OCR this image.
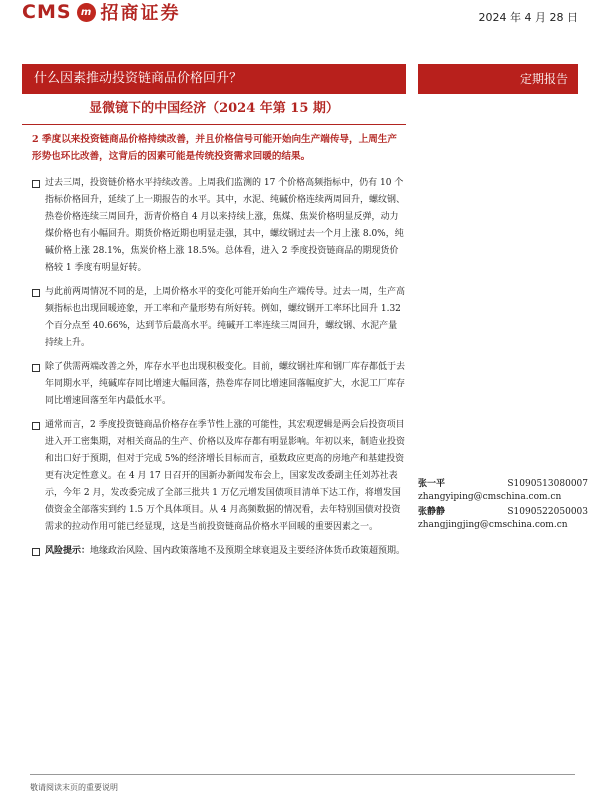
CMS m 招商证券	2024 年 4 月 28 日
什么因素推动投资链商品价格回升？	定期报告
显微镜下的中国经济（2024 年第 15 期）
2 季度以来投资链商品价格持续改善，并且价格信号可能开始向生产端传导，上周生产形势也环比改善，这背后的因素可能是传统投资需求回暖的结果。
过去三周，投资链价格水平持续改善。上周我们监测的 17 个价格高频指标中，仍有 10 个指标价格回升，延续了上一期报告的水平。其中，水泥、纯碱价格连续两周回升，螺纹钢、热卷价格连续三周回升，沥青价格自 4 月以来持续上涨，焦煤、焦炭价格明显反弹，动力煤价格也有小幅回升。期货价格近期也明显走强，其中，螺纹钢过去一个月上涨 8.0%，纯碱价格上涨 28.1%，焦炭价格上涨 18.5%。总体看，进入 2 季度投资链商品的期现货价格较 1 季度有明显好转。
与此前两周情况不同的是，上周价格水平的变化可能开始向生产端传导。过去一周，生产高频指标也出现回暖迹象，开工率和产量形势有所好转。例如，螺纹钢开工率环比回升 1.32 个百分点至 40.66%，达到节后最高水平。纯碱开工率连续三周回升，螺纹钢、水泥产量持续上升。
除了供需两端改善之外，库存水平也出现积极变化。目前，螺纹钢社库和钢厂库存都低于去年同期水平，纯碱库存同比增速大幅回落，热卷库存同比增速回落幅度扩大，水泥工厂库存同比增速回落至年内最低水平。
通常而言，2 季度投资链商品价格存在季节性上涨的可能性，其宏观逻辑是两会后投资项目进入开工密集期，对相关商品的生产、价格以及库存都有明显影响。年初以来，制造业投资和出口好于预期，但对于完成 5%的经济增长目标而言，亟数政应更高的房地产和基建投资更有决定性意义。在 4 月 17 日召开的国新办新闻发布会上，国家发改委副主任刘苏社表示，今年 2 月，发改委完成了全部三批共 1 万亿元增发国债项目清单下达工作，将增发国债资金全部落实到约 1.5 万个具体项目。从 4 月高频数据的情况看，去年特别国债对投资需求的拉动作用可能已经显现，这是当前投资链商品价格水平回暖的重要因素之一。
风险提示：地缘政治风险、国内政策落地不及预期全球衰退及主要经济体货币政策超预期。
张一平	S1090513080007
zhangyiping@cmschina.com.cn
张静静	S1090522050003
zhangjingjing@cmschina.com.cn
敬请阅读末页的重要说明
